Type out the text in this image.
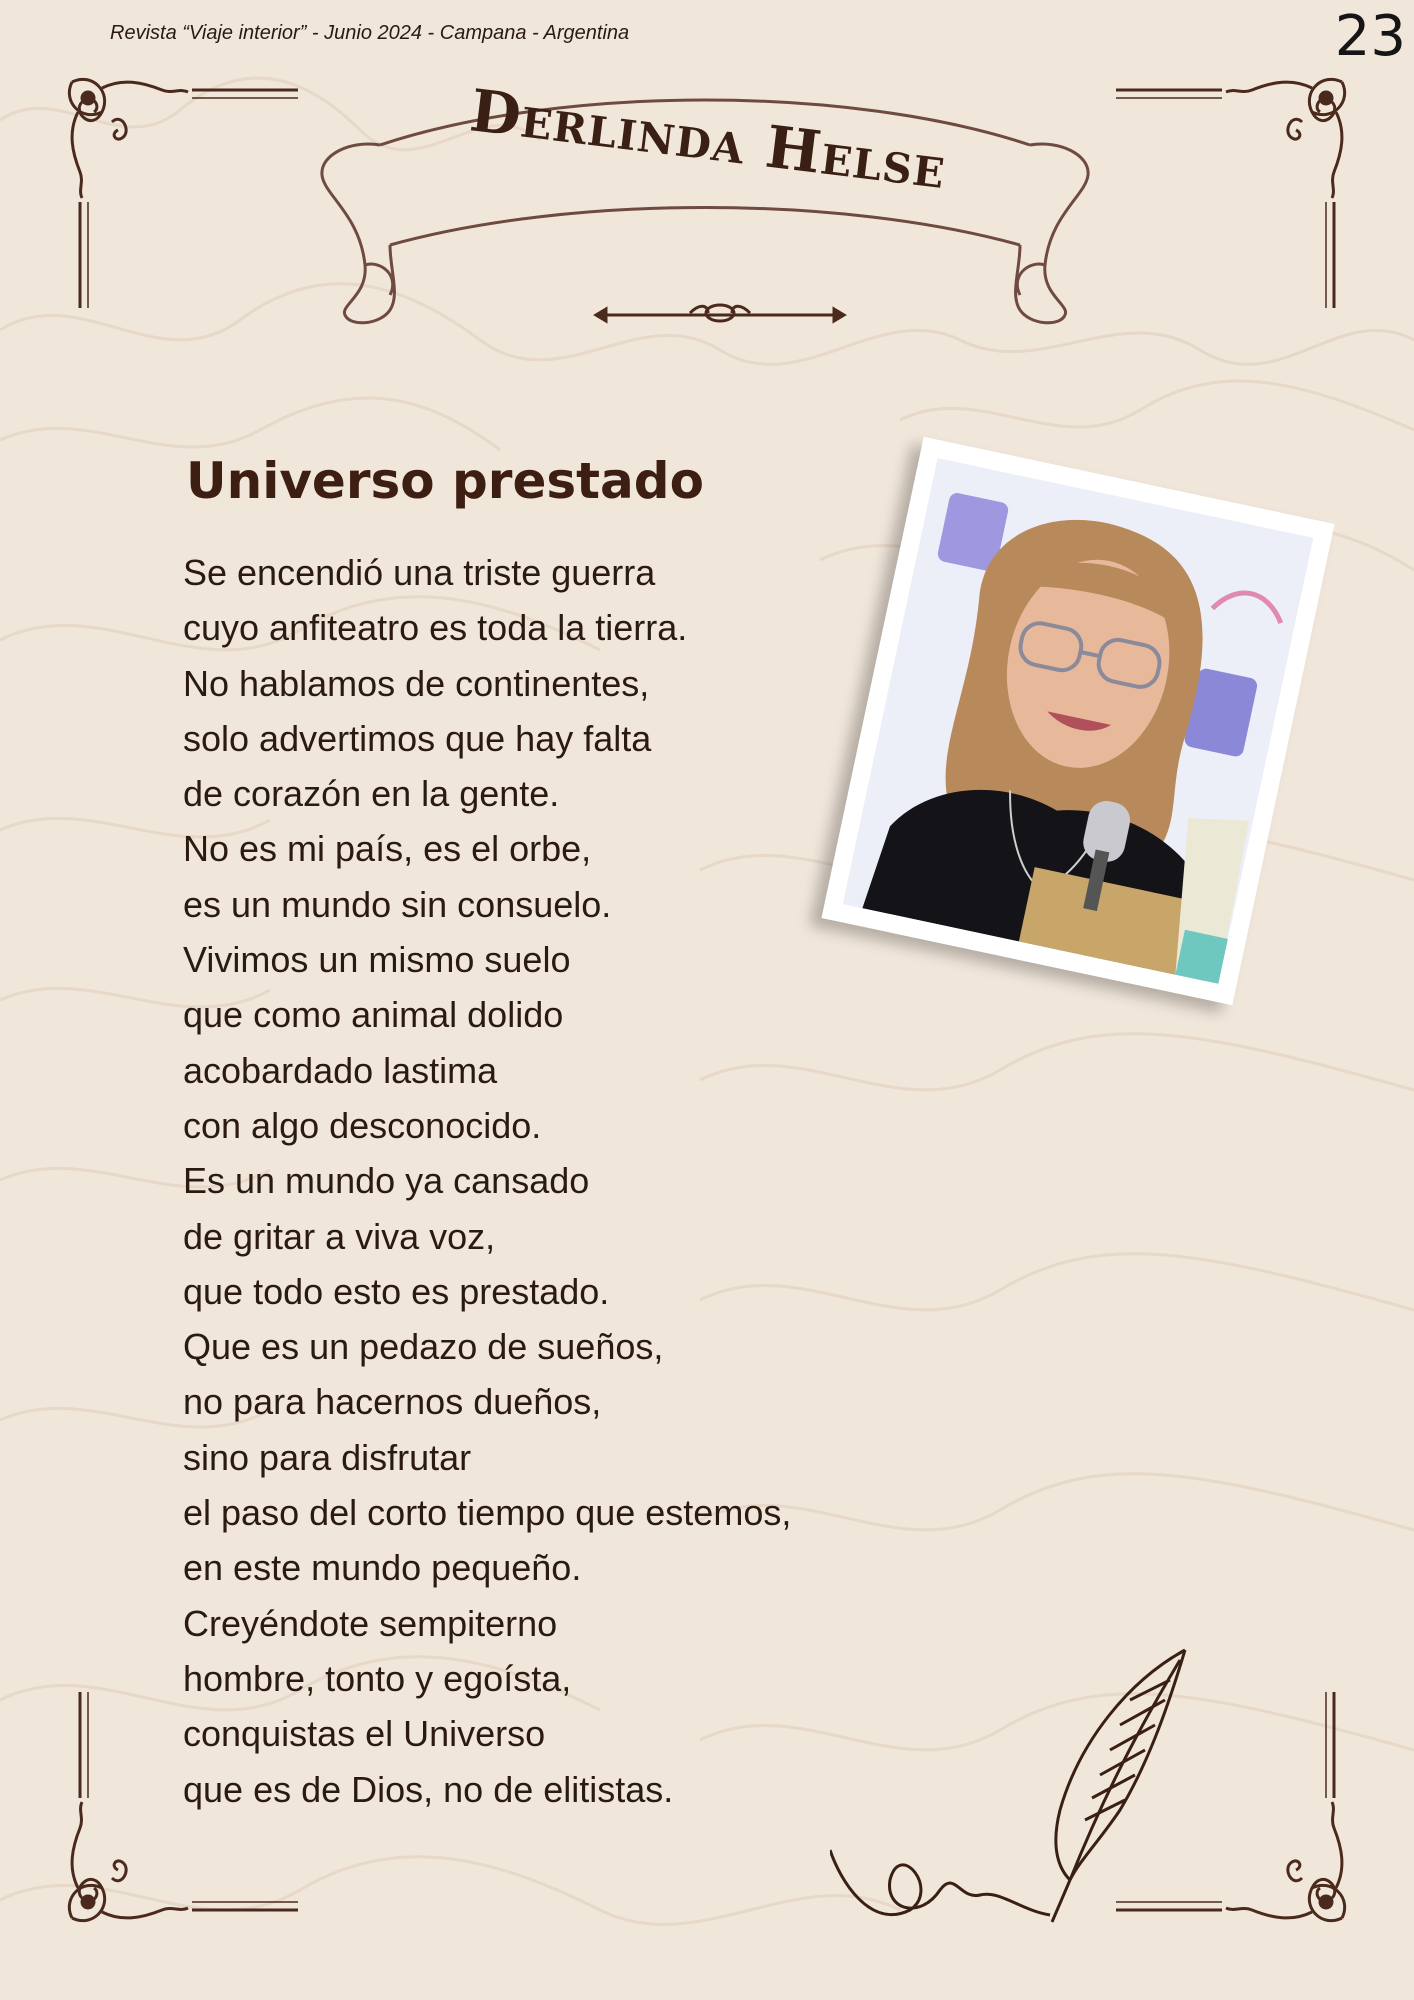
Revista “Viaje interior” - Junio 2024 - Campana - Argentina	23
Derlinda Helse
Universo prestado
Se encendió una triste guerra
cuyo anfiteatro es toda la tierra.
No hablamos de continentes,
solo advertimos que hay falta
de corazón en la gente.
No es mi país, es el orbe,
es un mundo sin consuelo.
Vivimos un mismo suelo
que como animal dolido
acobardado lastima
con algo desconocido.
Es un mundo ya cansado
de gritar a viva voz,
que todo esto es prestado.
Que es un pedazo de sueños,
no para hacernos dueños,
sino para disfrutar
el paso del corto tiempo que estemos,
en este mundo pequeño.
Creyéndote sempiterno
hombre, tonto y egoísta,
conquistas el Universo
que es de Dios, no de elitistas.
